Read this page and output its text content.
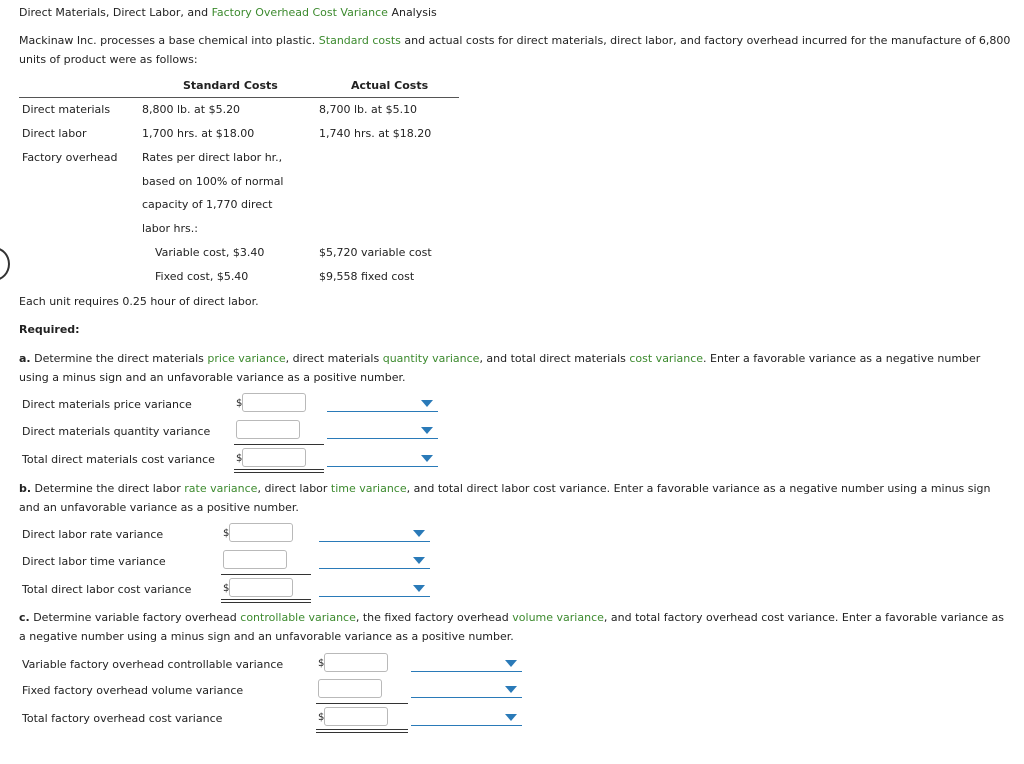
Direct Materials, Direct Labor, and Factory Overhead Cost Variance Analysis
Mackinaw Inc. processes a base chemical into plastic. Standard costs and actual costs for direct materials, direct labor, and factory overhead incurred for the manufacture of 6,800 units of product were as follows:
Standard Costs	Actual Costs
Direct materials	8,800 lb. at $5.20	8,700 lb. at $5.10
Direct labor	1,700 hrs. at $18.00	1,740 hrs. at $18.20
Factory overhead Rates per direct labor hr.,
based on 100% of normal
capacity of 1,770 direct
labor hrs.:
Variable cost, $3.40	$5,720 variable cost
Fixed cost, $5.40	$9,558 fixed cost
Each unit requires 0.25 hour of direct labor.
Required:
a. Determine the direct materials price variance, direct materials quantity variance, and total direct materials cost variance. Enter a favorable variance as a negative number using a minus sign and an unfavorable variance as a positive number.
Direct materials price variance	$
Direct materials quantity variance
Total direct materials cost variance $
b. Determine the direct labor rate variance, direct labor time variance, and total direct labor cost variance. Enter a favorable variance as a negative number using a minus sign and an unfavorable variance as a positive number.
Direct labor rate variance	$
Direct labor time variance
Total direct labor cost variance	$
c. Determine variable factory overhead controllable variance, the fixed factory overhead volume variance, and total factory overhead cost variance. Enter a favorable variance as a negative number using a minus sign and an unfavorable variance as a positive number.
Variable factory overhead controllable variance	$
Fixed factory overhead volume variance
Total factory overhead cost variance	$
